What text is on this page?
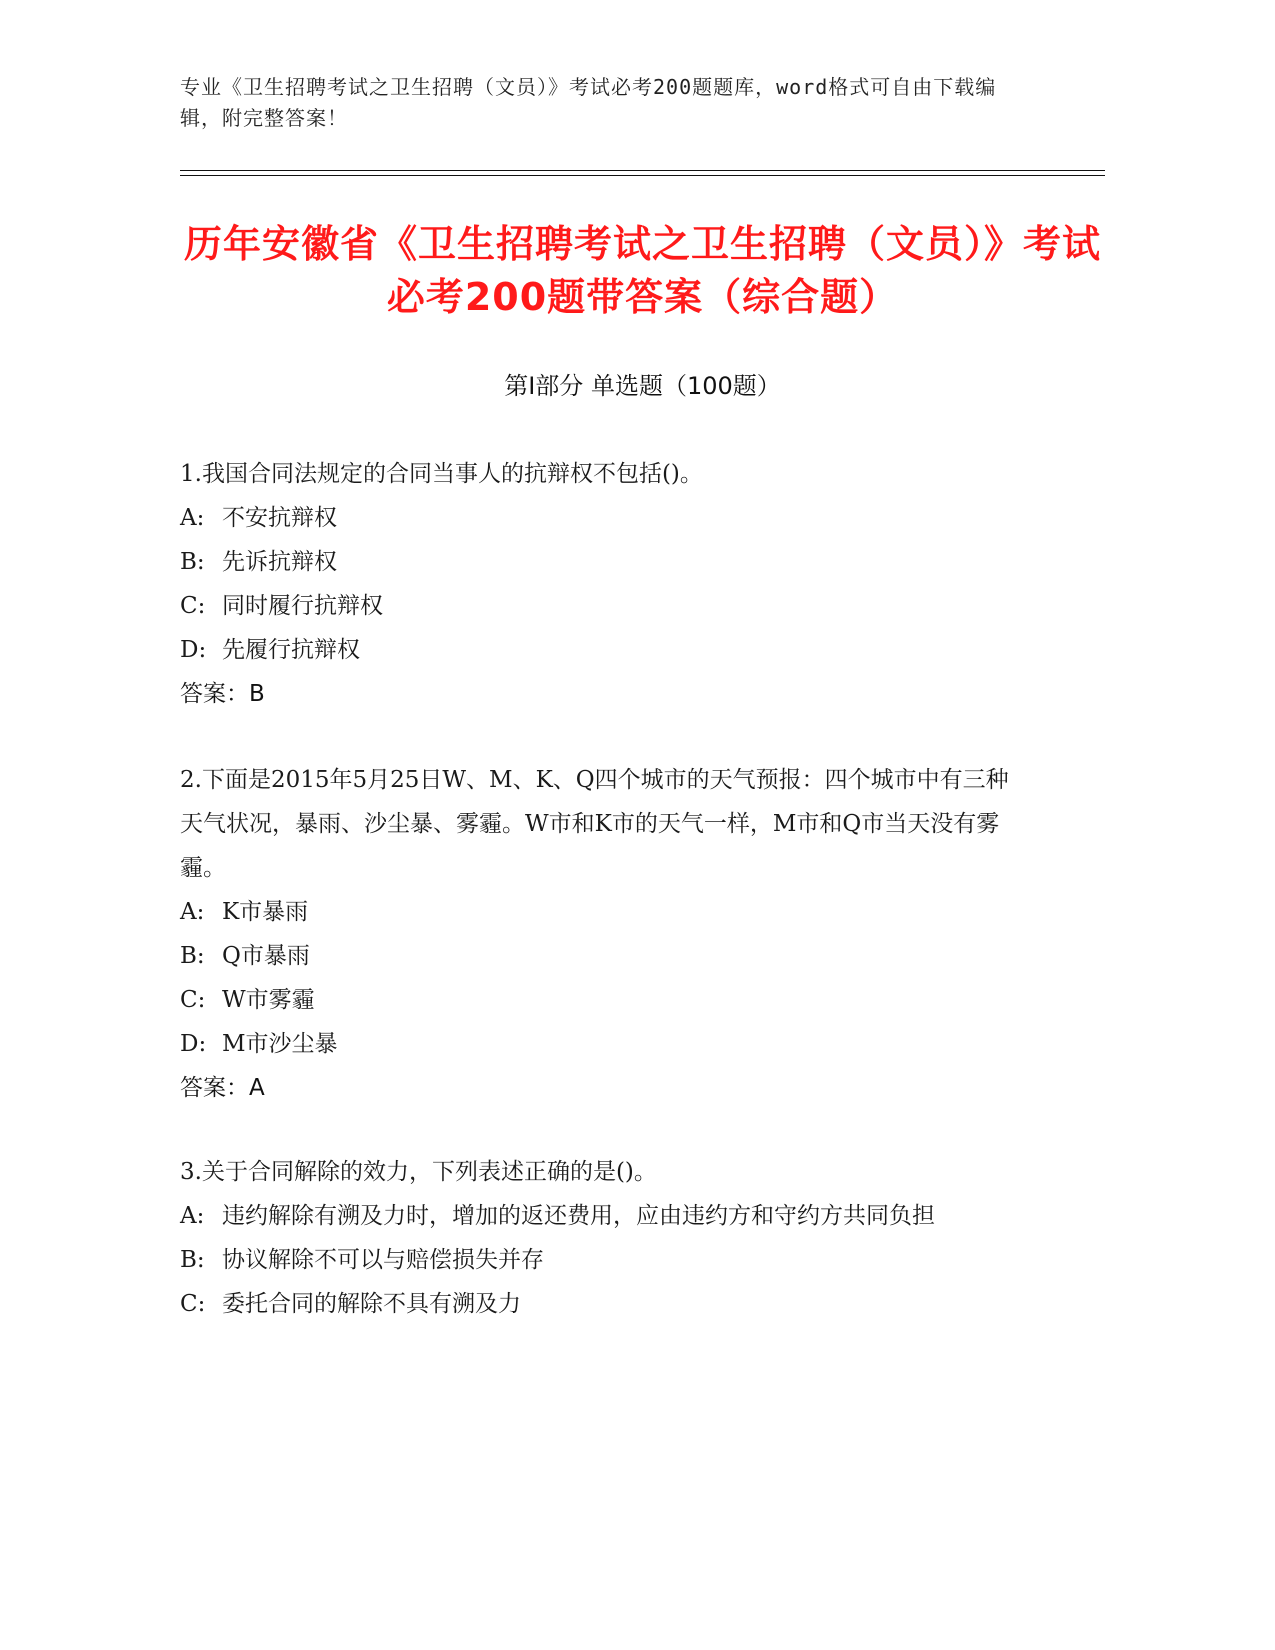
专业《卫生招聘考试之卫生招聘（文员）》考试必考200题题库，word格式可自由下载编辑，附完整答案！
历年安徽省《卫生招聘考试之卫生招聘（文员）》考试必考200题带答案（综合题）
第I部分 单选题（100题）

1.我国合同法规定的合同当事人的抗辩权不包括()。

A: 不安抗辩权

B: 先诉抗辩权

C: 同时履行抗辩权

D: 先履行抗辩权

答案：B

2.下面是2015年5月25日W、M、K、Q四个城市的天气预报：四个城市中有三种天气状况，暴雨、沙尘暴、雾霾。W市和K市的天气一样，M市和Q市当天没有雾霾。

A: K市暴雨

B: Q市暴雨

C: W市雾霾

D: M市沙尘暴

答案：A

3.关于合同解除的效力，下列表述正确的是()。

A: 违约解除有溯及力时，增加的返还费用，应由违约方和守约方共同负担

B: 协议解除不可以与赔偿损失并存

C: 委托合同的解除不具有溯及力
